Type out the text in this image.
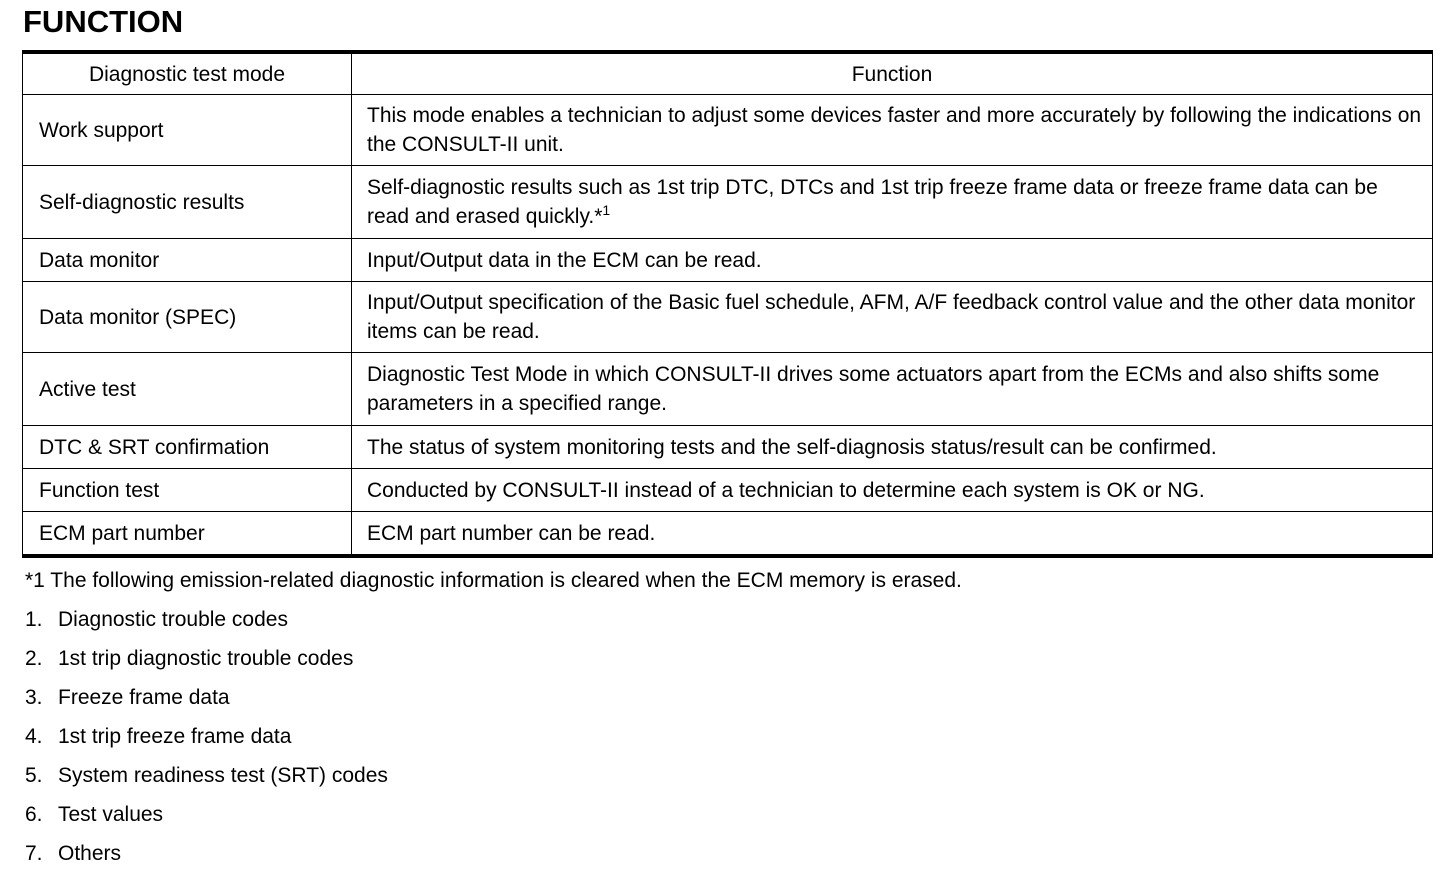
FUNCTION
Diagnostic test mode	Function
Work support	This mode enables a technician to adjust some devices faster and more accurately by following the indications on the CONSULT-II unit.
Self-diagnostic results	Self-diagnostic results such as 1st trip DTC, DTCs and 1st trip freeze frame data or freeze frame data can be read and erased quickly.*$^1$
Data monitor	Input/Output data in the ECM can be read.
Data monitor (SPEC)	Input/Output specification of the Basic fuel schedule, AFM, A/F feedback control value and the other data monitor items can be read.
Active test	Diagnostic Test Mode in which CONSULT-II drives some actuators apart from the ECMs and also shifts some parameters in a specified range.
DTC & SRT confirmation	The status of system monitoring tests and the self-diagnosis status/result can be confirmed.
Function test	Conducted by CONSULT-II instead of a technician to determine each system is OK or NG.
ECM part number	ECM part number can be read.
*1 The following emission-related diagnostic information is cleared when the ECM memory is erased.
1. Diagnostic trouble codes
2. 1st trip diagnostic trouble codes
3. Freeze frame data
4. 1st trip freeze frame data
5. System readiness test (SRT) codes
6. Test values
7. Others
